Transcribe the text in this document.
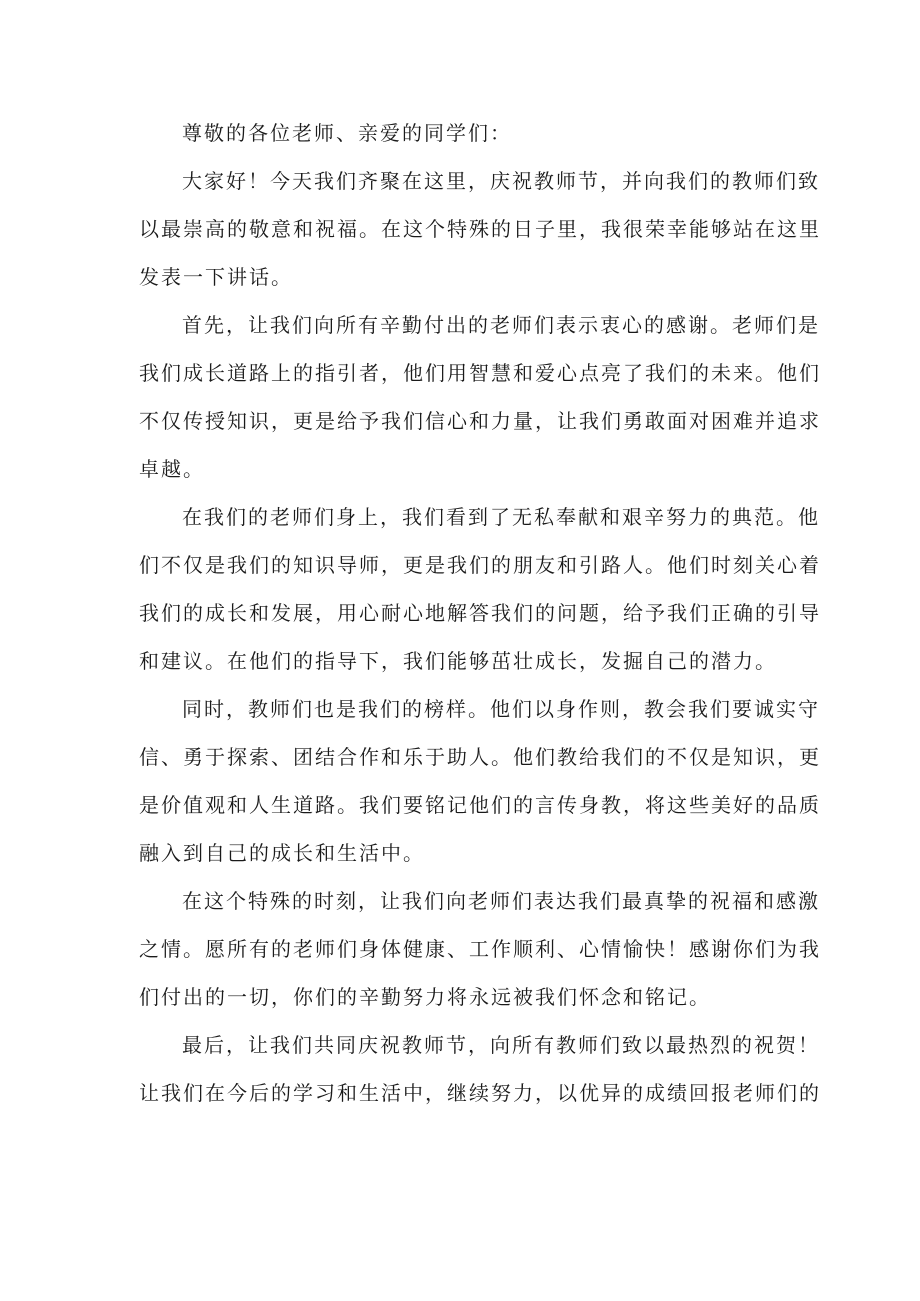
尊敬的各位老师、亲爱的同学们：
大家好！今天我们齐聚在这里，庆祝教师节，并向我们的教师们致
以最崇高的敬意和祝福。在这个特殊的日子里，我很荣幸能够站在这里
发表一下讲话。
首先，让我们向所有辛勤付出的老师们表示衷心的感谢。老师们是
我们成长道路上的指引者，他们用智慧和爱心点亮了我们的未来。他们
不仅传授知识，更是给予我们信心和力量，让我们勇敢面对困难并追求
卓越。
在我们的老师们身上，我们看到了无私奉献和艰辛努力的典范。他
们不仅是我们的知识导师，更是我们的朋友和引路人。他们时刻关心着
我们的成长和发展，用心耐心地解答我们的问题，给予我们正确的引导
和建议。在他们的指导下，我们能够茁壮成长，发掘自己的潜力。
同时，教师们也是我们的榜样。他们以身作则，教会我们要诚实守
信、勇于探索、团结合作和乐于助人。他们教给我们的不仅是知识，更
是价值观和人生道路。我们要铭记他们的言传身教，将这些美好的品质
融入到自己的成长和生活中。
在这个特殊的时刻，让我们向老师们表达我们最真挚的祝福和感激
之情。愿所有的老师们身体健康、工作顺利、心情愉快！感谢你们为我
们付出的一切，你们的辛勤努力将永远被我们怀念和铭记。
最后，让我们共同庆祝教师节，向所有教师们致以最热烈的祝贺！
让我们在今后的学习和生活中，继续努力，以优异的成绩回报老师们的
